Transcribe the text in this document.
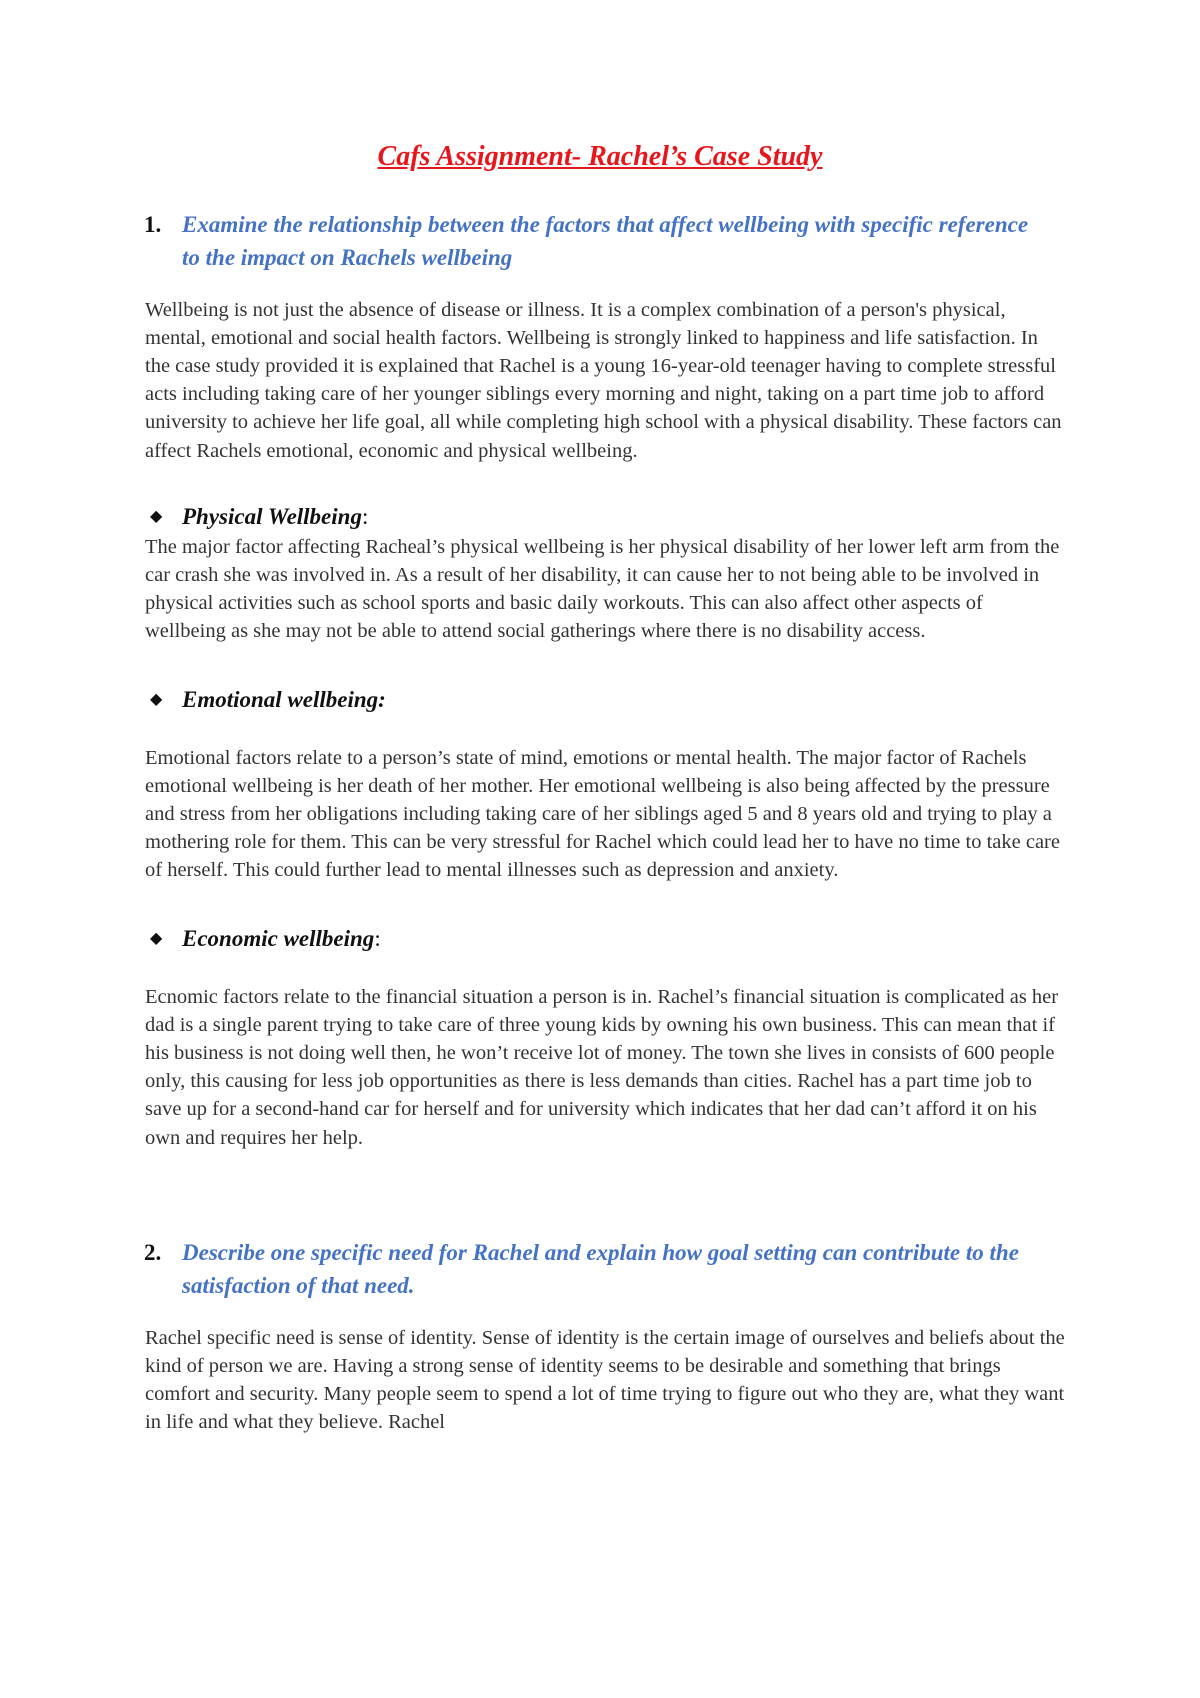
Cafs Assignment- Rachel’s Case Study
1. Examine the relationship between the factors that affect wellbeing with specific reference to the impact on Rachels wellbeing

Wellbeing is not just the absence of disease or illness. It is a complex combination of a person's physical, mental, emotional and social health factors. Wellbeing is strongly linked to happiness and life satisfaction. In the case study provided it is explained that Rachel is a young 16-year-old teenager having to complete stressful acts including taking care of her younger siblings every morning and night, taking on a part time job to afford university to achieve her life goal, all while completing high school with a physical disability. These factors can affect Rachels emotional, economic and physical wellbeing.

◆ Physical Wellbeing :

The major factor affecting Racheal’s physical wellbeing is her physical disability of her lower left arm from the car crash she was involved in. As a result of her disability, it can cause her to not being able to be involved in physical activities such as school sports and basic daily workouts. This can also affect other aspects of wellbeing as she may not be able to attend social gatherings where there is no disability access.

◆ Emotional wellbeing:

Emotional factors relate to a person’s state of mind, emotions or mental health. The major factor of Rachels emotional wellbeing is her death of her mother. Her emotional wellbeing is also being affected by the pressure and stress from her obligations including taking care of her siblings aged 5 and 8 years old and trying to play a mothering role for them. This can be very stressful for Rachel which could lead her to have no time to take care of herself. This could further lead to mental illnesses such as depression and anxiety.

◆ Economic wellbeing :

Ecnomic factors relate to the financial situation a person is in. Rachel’s financial situation is complicated as her dad is a single parent trying to take care of three young kids by owning his own business. This can mean that if his business is not doing well then, he won’t receive lot of money. The town she lives in consists of 600 people only, this causing for less job opportunities as there is less demands than cities. Rachel has a part time job to save up for a second-hand car for herself and for university which indicates that her dad can’t afford it on his own and requires her help.

2. Describe one specific need for Rachel and explain how goal setting can contribute to the satisfaction of that need.

Rachel specific need is sense of identity. Sense of identity is the certain image of ourselves and beliefs about the kind of person we are. Having a strong sense of identity seems to be desirable and something that brings comfort and security. Many people seem to spend a lot of time trying to figure out who they are, what they want in life and what they believe. Rachel
